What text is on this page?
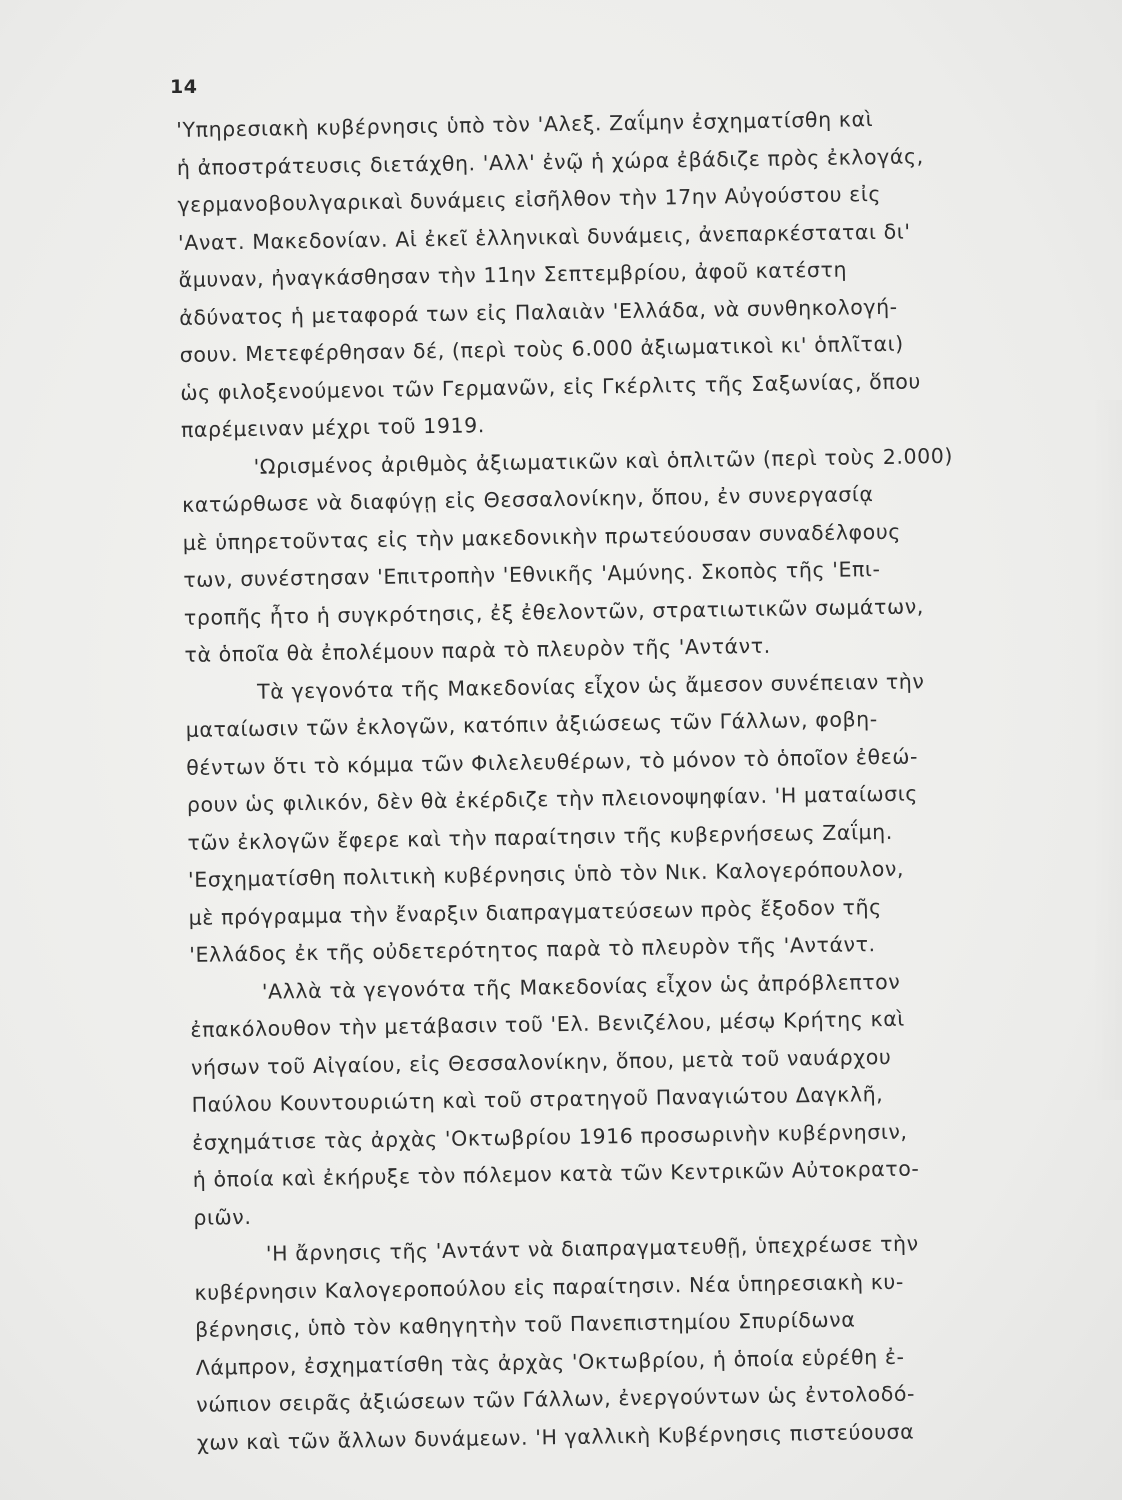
14
'Υπηρεσιακὴ κυβέρνησις ὑπὸ τὸν 'Αλεξ. Ζαΐμην ἐσχηματίσθη καὶ
ἡ ἀποστράτευσις διετάχθη. 'Αλλ' ἐνῷ ἡ χώρα ἐβάδιζε πρὸς ἐκλογάς,
γερμανοβουλγαρικαὶ δυνάμεις εἰσῆλθον τὴν 17ην Αὐγούστου εἰς
'Ανατ. Μακεδονίαν. Αἱ ἐκεῖ ἑλληνικαὶ δυνάμεις, ἀνεπαρκέσταται δι'
ἄμυναν, ἠναγκάσθησαν τὴν 11ην Σεπτεμβρίου, ἀφοῦ κατέστη
ἀδύνατος ἡ μεταφορά των εἰς Παλαιὰν 'Ελλάδα, νὰ συνθηκολογή-
σουν. Μετεφέρθησαν δέ, (περὶ τοὺς 6.000 ἀξιωματικοὶ κι' ὁπλῖται)
ὡς φιλοξενούμενοι τῶν Γερμανῶν, εἰς Γκέρλιτς τῆς Σαξωνίας, ὅπου
παρέμειναν μέχρι τοῦ 1919.
'Ωρισμένος ἀριθμὸς ἀξιωματικῶν καὶ ὁπλιτῶν (περὶ τοὺς 2.000)
κατώρθωσε νὰ διαφύγῃ εἰς Θεσσαλονίκην, ὅπου, ἐν συνεργασίᾳ
μὲ ὑπηρετοῦντας εἰς τὴν μακεδονικὴν πρωτεύουσαν συναδέλφους
των, συνέστησαν 'Επιτροπὴν 'Εθνικῆς 'Αμύνης. Σκοπὸς τῆς 'Επι-
τροπῆς ἦτο ἡ συγκρότησις, ἐξ ἐθελοντῶν, στρατιωτικῶν σωμάτων,
τὰ ὁποῖα θὰ ἐπολέμουν παρὰ τὸ πλευρὸν τῆς 'Αντάντ.
Τὰ γεγονότα τῆς Μακεδονίας εἶχον ὡς ἄμεσον συνέπειαν τὴν
ματαίωσιν τῶν ἐκλογῶν, κατόπιν ἀξιώσεως τῶν Γάλλων, φοβη-
θέντων ὅτι τὸ κόμμα τῶν Φιλελευθέρων, τὸ μόνον τὸ ὁποῖον ἐθεώ-
ρουν ὡς φιλικόν, δὲν θὰ ἐκέρδιζε τὴν πλειονοψηφίαν. 'Η ματαίωσις
τῶν ἐκλογῶν ἔφερε καὶ τὴν παραίτησιν τῆς κυβερνήσεως Ζαΐμη.
'Εσχηματίσθη πολιτικὴ κυβέρνησις ὑπὸ τὸν Νικ. Καλογερόπουλον,
μὲ πρόγραμμα τὴν ἔναρξιν διαπραγματεύσεων πρὸς ἔξοδον τῆς
'Ελλάδος ἐκ τῆς οὐδετερότητος παρὰ τὸ πλευρὸν τῆς 'Αντάντ.
'Αλλὰ τὰ γεγονότα τῆς Μακεδονίας εἶχον ὡς ἀπρόβλεπτον
ἐπακόλουθον τὴν μετάβασιν τοῦ 'Ελ. Βενιζέλου, μέσῳ Κρήτης καὶ
νήσων τοῦ Αἰγαίου, εἰς Θεσσαλονίκην, ὅπου, μετὰ τοῦ ναυάρχου
Παύλου Κουντουριώτη καὶ τοῦ στρατηγοῦ Παναγιώτου Δαγκλῆ,
ἐσχημάτισε τὰς ἀρχὰς 'Οκτωβρίου 1916 προσωρινὴν κυβέρνησιν,
ἡ ὁποία καὶ ἐκήρυξε τὸν πόλεμον κατὰ τῶν Κεντρικῶν Αὐτοκρατο-
ριῶν.
'Η ἄρνησις τῆς 'Αντάντ νὰ διαπραγματευθῇ, ὑπεχρέωσε τὴν
κυβέρνησιν Καλογεροπούλου εἰς παραίτησιν. Νέα ὑπηρεσιακὴ κυ-
βέρνησις, ὑπὸ τὸν καθηγητὴν τοῦ Πανεπιστημίου Σπυρίδωνα
Λάμπρον, ἐσχηματίσθη τὰς ἀρχὰς 'Οκτωβρίου, ἡ ὁποία εὑρέθη ἐ-
νώπιον σειρᾶς ἀξιώσεων τῶν Γάλλων, ἐνεργούντων ὡς ἐντολοδό-
χων καὶ τῶν ἄλλων δυνάμεων. 'Η γαλλικὴ Κυβέρνησις πιστεύουσα
